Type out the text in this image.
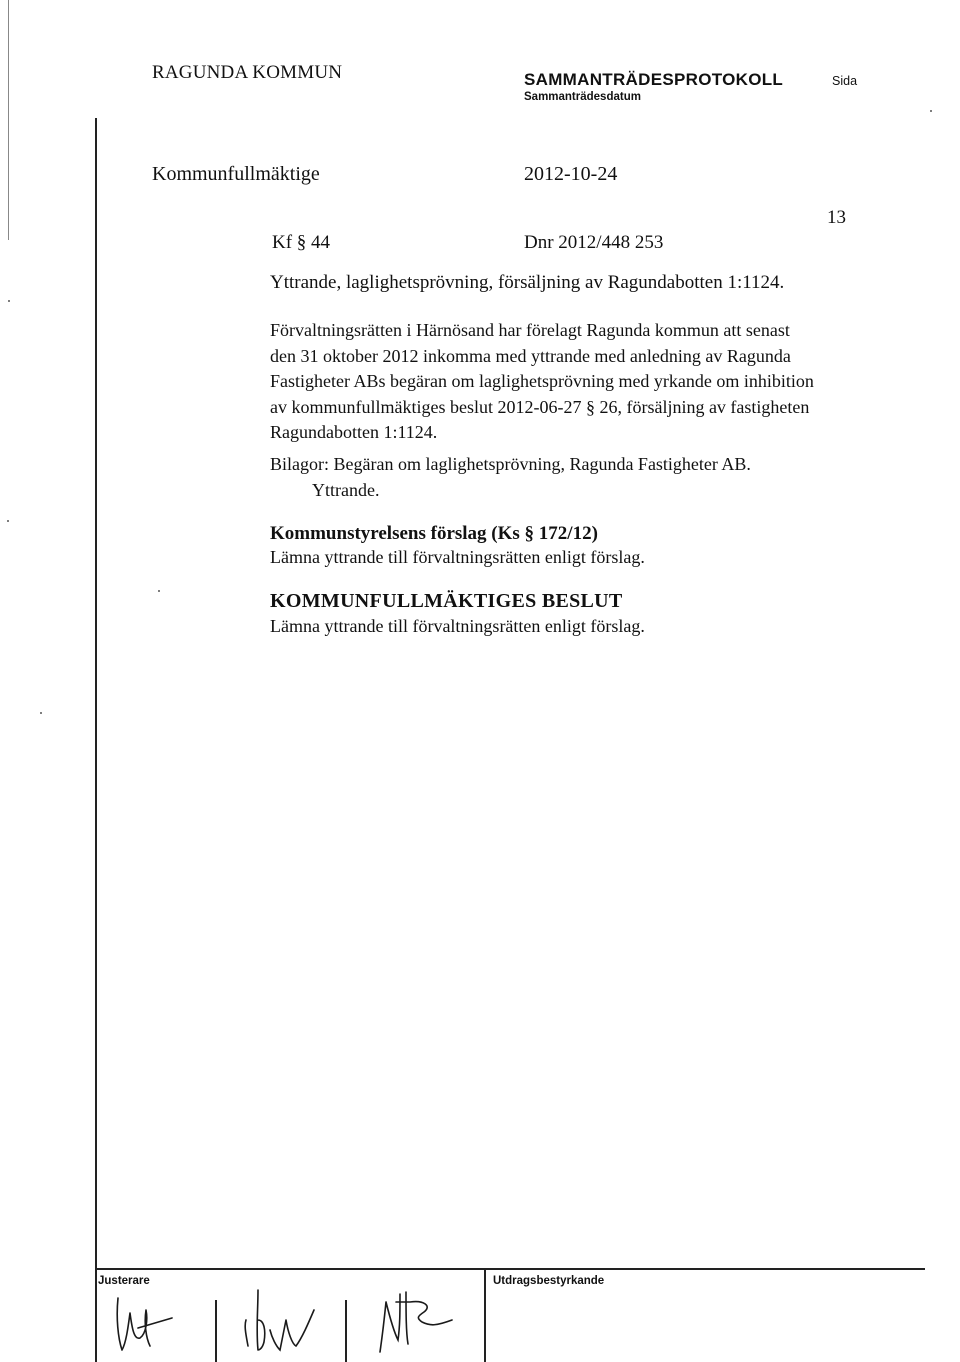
RAGUNDA KOMMUN	SAMMANTRÄDESPROTOKOLL
Sammanträdesdatum
Sida
Kommunfullmäktige	2012-10-24
13
Kf § 44	Dnr 2012/448 253
Yttrande, laglighetsprövning, försäljning av Ragundabotten 1:1124.
Förvaltningsrätten i Härnösand har förelagt Ragunda kommun att senast
den 31 oktober 2012 inkomma med yttrande med anledning av Ragunda
Fastigheter ABs begäran om laglighetsprövning med yrkande om inhibition
av kommunfullmäktiges beslut 2012-06-27 § 26, försäljning av fastigheten
Ragundabotten 1:1124.
Bilagor: Begäran om laglighetsprövning, Ragunda Fastigheter AB.
Yttrande.
Kommunstyrelsens förslag (Ks § 172/12)
Lämna yttrande till förvaltningsrätten enligt förslag.
KOMMUNFULLMÄKTIGES BESLUT
Lämna yttrande till förvaltningsrätten enligt förslag.
Justerare	Utdragsbestyrkande
